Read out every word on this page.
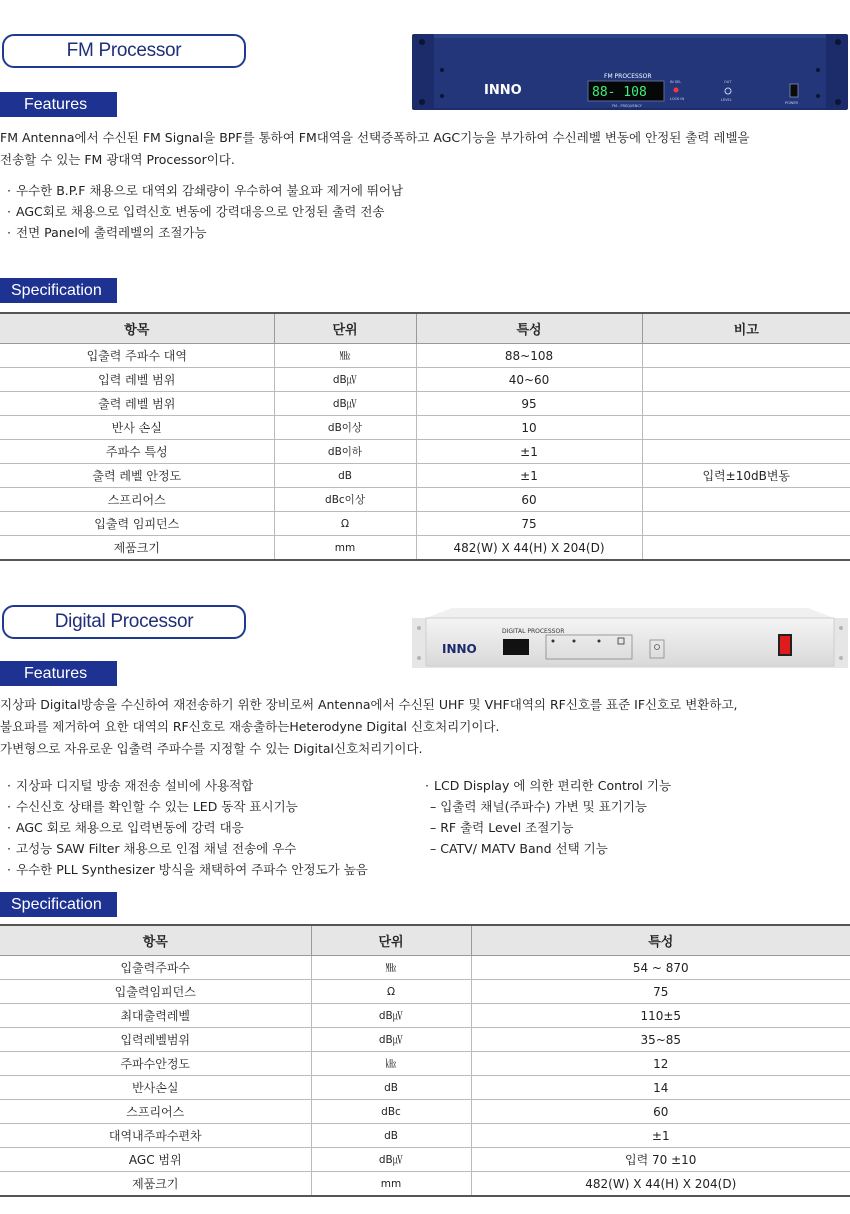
FM Processor
INNO
FM PROCESSOR
88- 108
FM - FREQUENCY
IN SEL
LOCK IN
OUT
LEVEL
POWER
Features
FM Antenna에서 수신된 FM Signal을 BPF를 통하여 FM대역을 선택증폭하고 AGC기능을 부가하여 수신레벨 변동에 안정된 출력 레벨을
전송할 수 있는 FM 광대역 Processor이다.
· 우수한 B.P.F 채용으로 대역외 감쇄량이 우수하여 불요파 제거에 뛰어남
· AGC회로 채용으로 입력신호 변동에 강력대응으로 안정된 출력 전송
· 전면 Panel에 출력레벨의 조절가능
Specification
항목	단위	특성	비고
입출력 주파수 대역	㎒	88~108	
입력 레벨 범위	dB㎶	40~60	
출력 레벨 범위	dB㎶	95	
반사 손실	dB이상	10	
주파수 특성	dB이하	±1	
출력 레벨 안정도	dB	±1	입력±10dB변동
스프리어스	dBc이상	60	
입출력 임피던스	Ω	75	
제품크기	mm	482(W) X 44(H) X 204(D)	
Digital Processor
INNO
DIGITAL PROCESSOR
Features
지상파 Digital방송을 수신하여 재전송하기 위한 장비로써 Antenna에서 수신된 UHF 및 VHF대역의 RF신호를 표준 IF신호로 변환하고,
불요파를 제거하여 요한 대역의 RF신호로 재송출하는Heterodyne Digital 신호처리기이다.
가변형으로 자유로운 입출력 주파수를 지정할 수 있는 Digital신호처리기이다.
· 지상파 디지털 방송 재전송 설비에 사용적합
· 수신신호 상태를 확인할 수 있는 LED 동작 표시기능
· AGC 회로 채용으로 입력변동에 강력 대응
· 고성능 SAW Filter 채용으로 인접 채널 전송에 우수
· 우수한 PLL Synthesizer 방식을 채택하여 주파수 안정도가 높음
· LCD Display 에 의한 편리한 Control 기능
– 입출력 채널(주파수) 가변 및 표기기능
– RF 출력 Level 조절기능
– CATV/ MATV Band 선택 기능
Specification
항목	단위	특성
입출력주파수	㎒	54 ~ 870
입출력임피던스	Ω	75
최대출력레벨	dB㎶	110±5
입력레벨범위	dB㎶	35~85
주파수안정도	㎑	12
반사손실	dB	14
스프리어스	dBc	60
대역내주파수편차	dB	±1
AGC 범위	dB㎶	입력 70 ±10
제품크기	mm	482(W) X 44(H) X 204(D)
